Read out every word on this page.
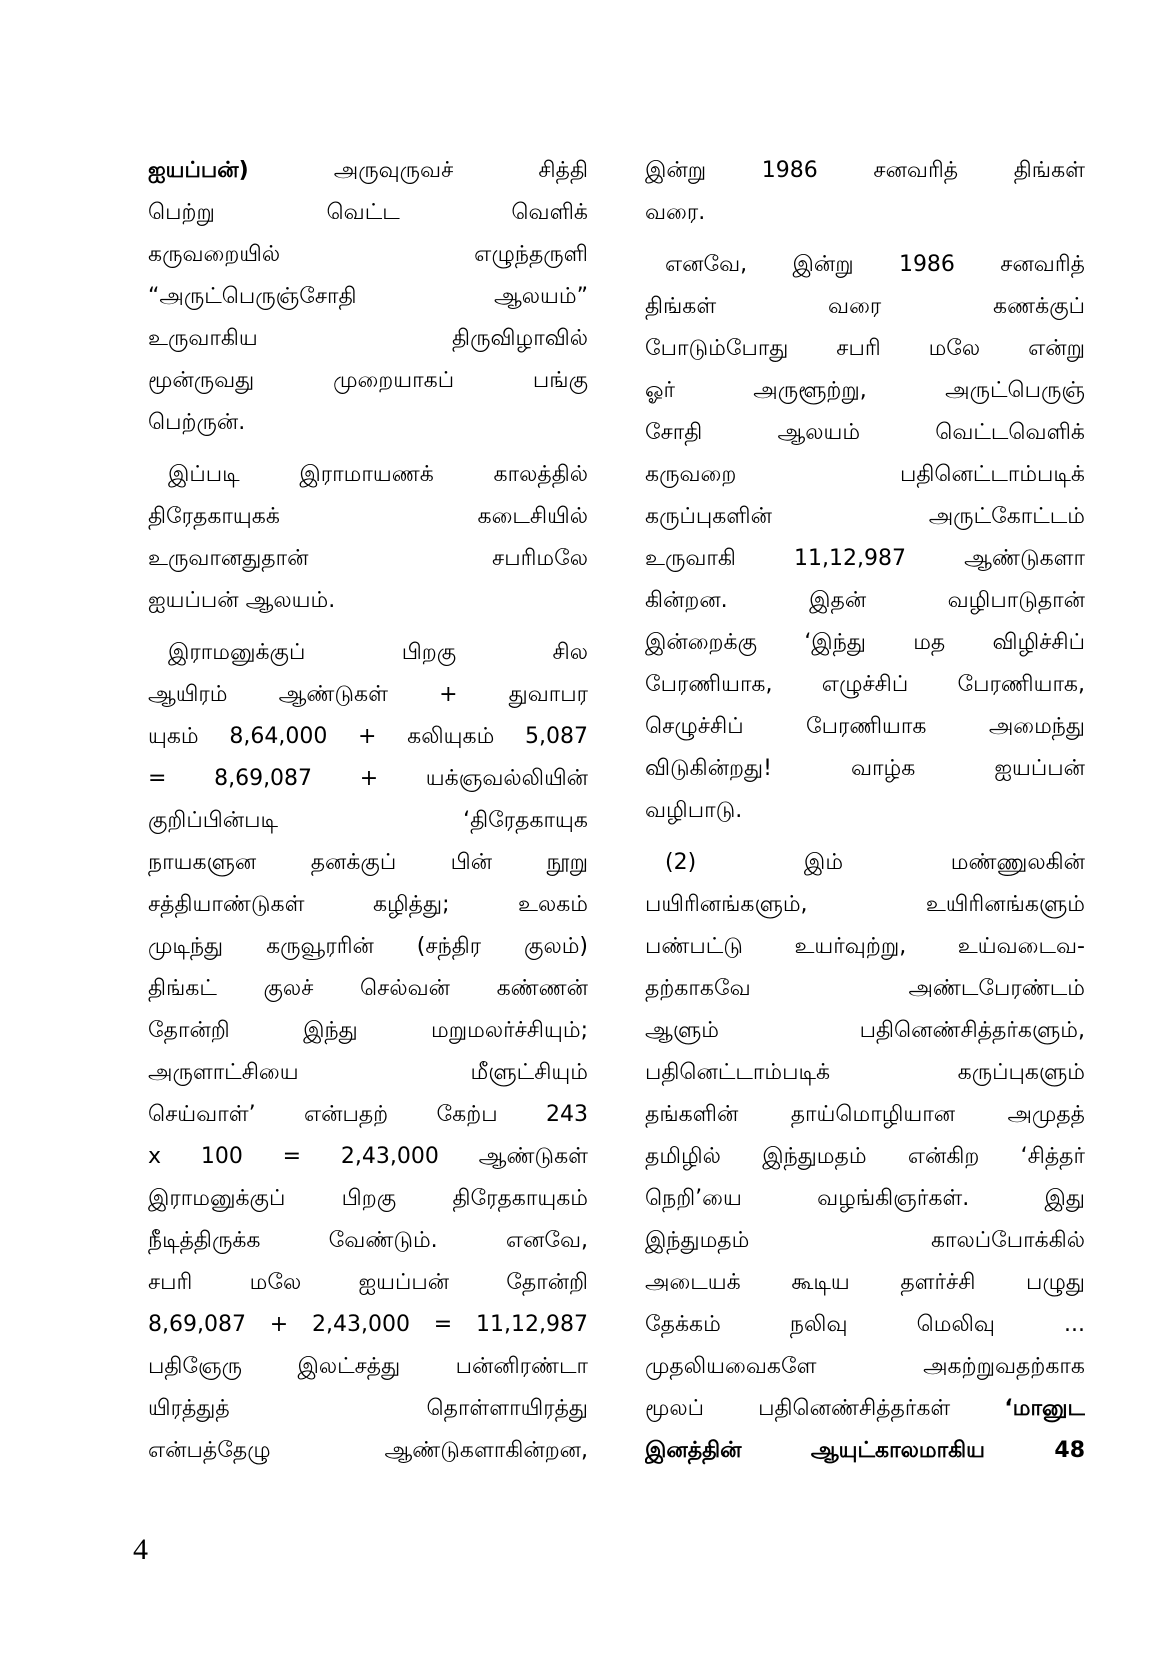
ஐயப்பன்) அருவுருவச் சித்தி
பெற்று வெட்ட வெளிக்
கருவறையில் எழுந்தருளி
“அருட்பெருஞ்சோதி ஆலயம்”
உருவாகிய திருவிழாவில்
மூன்ருவது முறையாகப் பங்கு
பெற்ருன்.
இப்படி இராமாயணக் காலத்தில்
திரேதகாயுகக் கடைசியில்
உருவானதுதான் சபரிமலே
ஐயப்பன் ஆலயம்.
இராமனுக்குப் பிறகு சில
ஆயிரம் ஆண்டுகள் + துவாபர
யுகம் 8,64,000 + கலியுகம் 5,087
= 8,69,087 + யக்ஞவல்லியின்
குறிப்பின்படி ‘திரேதகாயுக
நாயகளுன தனக்குப் பின் நூறு
சத்தியாண்டுகள் கழித்து; உலகம்
முடிந்து கருவூரரின் (சந்திர குலம்)
திங்கட் குலச் செல்வன் கண்ணன்
தோன்றி இந்து மறுமலர்ச்சியும்;
அருளாட்சியை மீளுட்சியும்
செய்வாள்’ என்பதற் கேற்ப 243
x 100 = 2,43,000 ஆண்டுகள்
இராமனுக்குப் பிறகு திரேதகாயுகம்
நீடித்திருக்க வேண்டும். எனவே,
சபரி மலே ஐயப்பன் தோன்றி
8,69,087 + 2,43,000 = 11,12,987
பதிஞேரு இலட்சத்து பன்னிரண்டா
யிரத்துத் தொள்ளாயிரத்து
என்பத்தேழு ஆண்டுகளாகின்றன,
இன்று 1986 சனவரித் திங்கள்
வரை.
எனவே, இன்று 1986 சனவரித்
திங்கள் வரை கணக்குப்
போடும்போது சபரி மலே என்று
ஓர் அருளூற்று, அருட்பெருஞ்
சோதி ஆலயம் வெட்டவெளிக்
கருவறை பதினெட்டாம்படிக்
கருப்புகளின் அருட்கோட்டம்
உருவாகி 11,12,987 ஆண்டுகளா
கின்றன. இதன் வழிபாடுதான்
இன்றைக்கு ‘இந்து மத விழிச்சிப்
பேரணியாக, எழுச்சிப் பேரணியாக,
செழுச்சிப் பேரணியாக அமைந்து
விடுகின்றது! வாழ்க ஐயப்பன்
வழிபாடு.
(2) இம் மண்ணுலகின்
பயிரினங்களும், உயிரினங்களும்
பண்பட்டு உயர்வுற்று, உய்வடைவ-
தற்காகவே அண்டபேரண்டம்
ஆளும் பதினெண்சித்தர்களும்,
பதினெட்டாம்படிக் கருப்புகளும்
தங்களின் தாய்மொழியான அமுதத்
தமிழில் இந்துமதம் என்கிற ‘சித்தர்
நெறி’யை வழங்கிஞர்கள். இது
இந்துமதம் காலப்போக்கில்
அடையக் கூடிய தளர்ச்சி பழுது
தேக்கம் நலிவு மெலிவு ...
முதலியவைகளே அகற்றுவதற்காக
மூலப் பதினெண்சித்தர்கள் ‘மானுட
இனத்தின் ஆயுட்காலமாகிய 48
4
